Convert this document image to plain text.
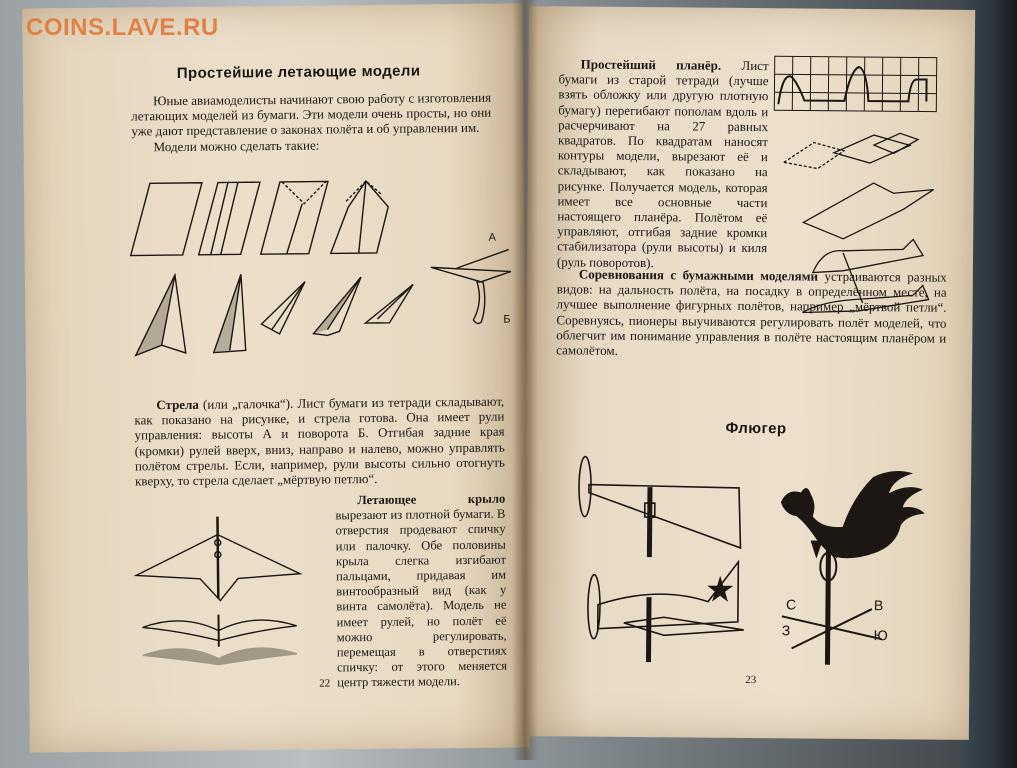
Простейшие летающие модели

Юные авиамоделисты начинают свою работу с изготовления летающих моделей из бумаги. Эти модели очень просты, но они уже дают представление о законах полёта и об управлении им.

Модели можно сделать такие:

А
Б

Стрела (или „галочка“). Лист бумаги из тетради складывают, как показано на рисунке, и стрела готова. Она имеет рули управления: высоты А и поворота Б. Отгибая задние края (кромки) рулей вверх, вниз, направо и налево, можно управлять полётом стрелы. Если, например, рули высоты сильно отогнуть кверху, то стрела сделает „мёртвую петлю“.

Летающее крыло вырезают из плотной бумаги. В отверстия продевают спичку или палочку. Обе половины крыла слегка изгибают пальцами, придавая им винтообразный вид (как у винта самолёта). Модель не имеет рулей, но полёт её можно регулировать, перемещая в отверстиях спичку: от этого меняется центр тяжести модели.

22

Простейший планёр. Лист бумаги из старой тетради (лучше взять обложку или другую плотную бумагу) перегибают пополам вдоль и расчерчивают на 27 равных квадратов. По квадратам наносят контуры модели, вырезают её и складывают, как показано на рисунке. Получается модель, которая имеет все основные части настоящего планёра. Полётом её управляют, отгибая задние кромки стабилизатора (рули высоты) и киля (руль поворотов).

Соревнования с бумажными моделями устраиваются разных видов: на дальность полёта, на посадку в определённом месте, на лучшее выполнение фигурных полётов, например „мёртвой петли“. Соревнуясь, пионеры выучиваются регулировать полёт моделей, что облегчит им понимание управления в полёте настоящим планёром и самолётом.

Флюгер
С	В
З	Ю
23
COINS.LAVE.RU
